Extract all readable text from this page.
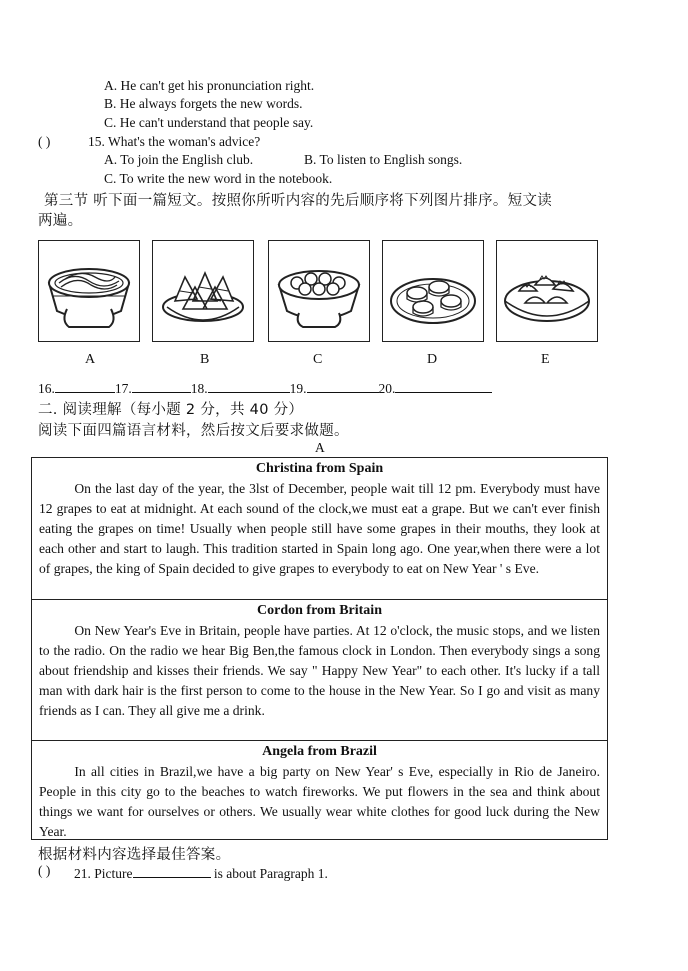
A. He can't get his pronunciation right.
B. He always forgets the new words.
C. He can't understand that people say.
( )	15. What's the woman's advice?
A. To join the English club.	B. To listen to English songs.
C. To write the new word in the notebook.
第三节 听下面一篇短文。按照你所听内容的先后顺序将下列图片排序。短文读
两遍。
A	B	C	D	E
16.	17.	18.	19.	20.
二. 阅读理解（每小题 2 分，共 40 分）
阅读下面四篇语言材料，然后按文后要求做题。
A
Christina from Spain

On the last day of the year, the 3lst of December, people wait till 12 pm. Everybody must have 12 grapes to eat at midnight. At each sound of the clock,we must eat a grape. But we can't ever finish eating the grapes on time! Usually when people still have some grapes in their mouths, they look at each other and start to laugh. This tradition started in Spain long ago. One year,when there were a lot of grapes, the king of Spain decided to give grapes to everybody to eat on New Year ' s Eve.

Cordon from Britain

On New Year's Eve in Britain, people have parties. At 12 o'clock, the music stops, and we listen to the radio. On the radio we hear Big Ben,the famous clock in London. Then everybody sings a song about friendship and kisses their friends. We say " Happy New Year" to each other. It's lucky if a tall man with dark hair is the first person to come to the house in the New Year. So I go and visit as many friends as I can. They all give me a drink.

Angela from Brazil

In all cities in Brazil,we have a big party on New Year' s Eve, especially in Rio de Janeiro. People in this city go to the beaches to watch fireworks. We put flowers in the sea and think about things we want for ourselves or others. We usually wear white clothes for good luck during the New Year.

根据材料内容选择最佳答案。
( ) 21. Picture	is about Paragraph 1.
